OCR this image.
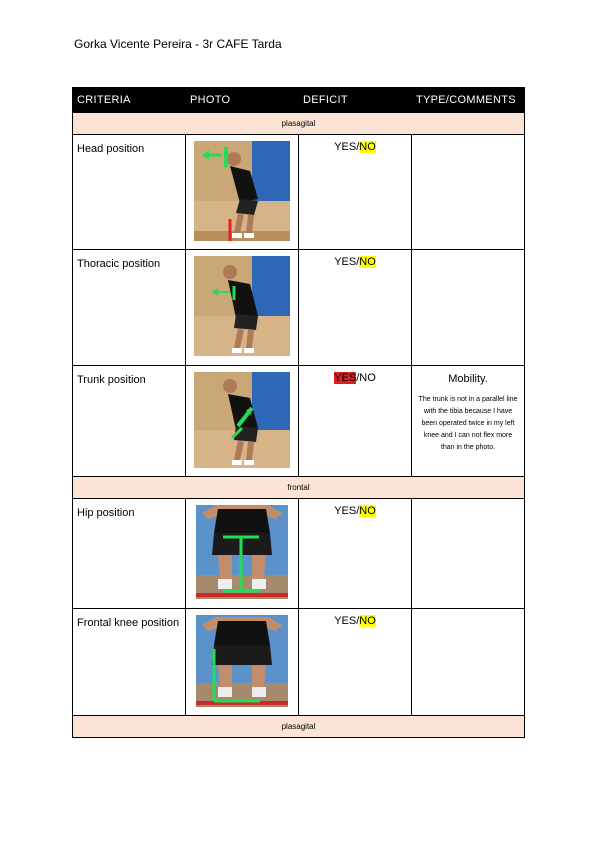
Gorka Vicente Pereira - 3r CAFE Tarda
CRITERIA	PHOTO	DEFICIT	TYPE/COMMENTS
plasagital			
Head position		YES/NO	
Thoracic position		YES/NO	
Trunk position		YES/NO	Mobility.
The trunk is not in a parallel line with the tibia because I have been operated twice in my left knee and I can not flex more than in the photo.

frontal			
Hip position		YES/NO	
Frontal knee position		YES/NO	
plasagital			
